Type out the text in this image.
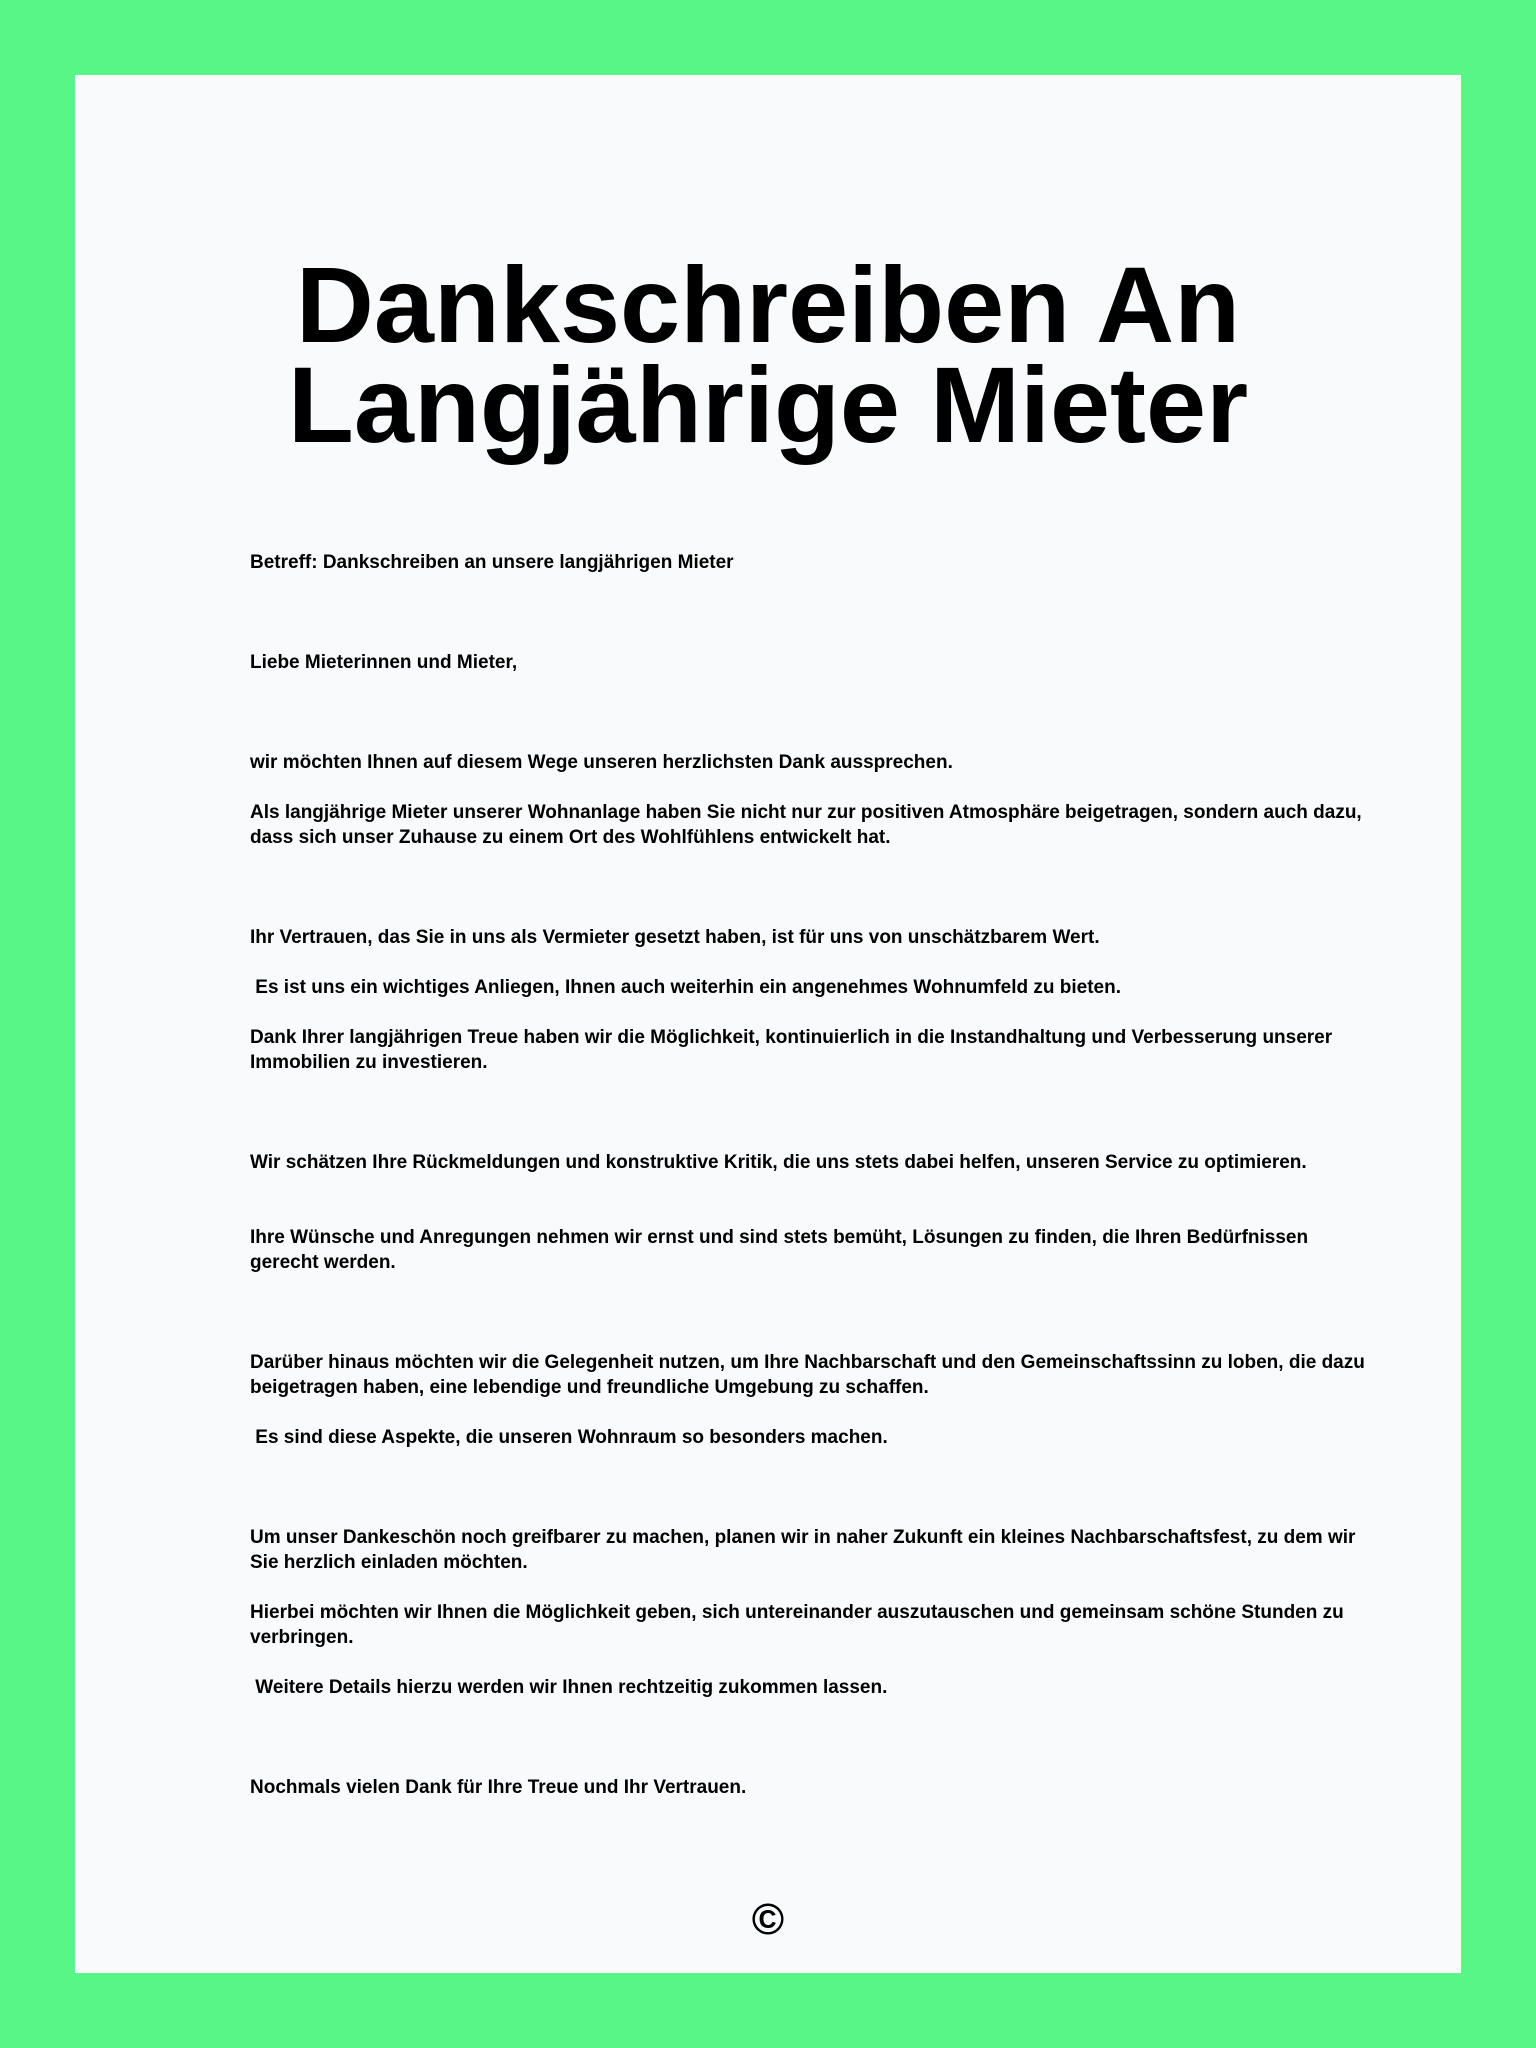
Dankschreiben An
Langjährige Mieter

Betreff: Dankschreiben an unsere langjährigen Mieter

Liebe Mieterinnen und Mieter,

wir möchten Ihnen auf diesem Wege unseren herzlichsten Dank aussprechen.

Als langjährige Mieter unserer Wohnanlage haben Sie nicht nur zur positiven Atmosphäre beigetragen, sondern auch dazu, dass sich unser Zuhause zu einem Ort des Wohlfühlens entwickelt hat.

Ihr Vertrauen, das Sie in uns als Vermieter gesetzt haben, ist für uns von unschätzbarem Wert.

Es ist uns ein wichtiges Anliegen, Ihnen auch weiterhin ein angenehmes Wohnumfeld zu bieten.

Dank Ihrer langjährigen Treue haben wir die Möglichkeit, kontinuierlich in die Instandhaltung und Verbesserung unserer Immobilien zu investieren.

Wir schätzen Ihre Rückmeldungen und konstruktive Kritik, die uns stets dabei helfen, unseren Service zu optimieren.

Ihre Wünsche und Anregungen nehmen wir ernst und sind stets bemüht, Lösungen zu finden, die Ihren Bedürfnissen gerecht werden.

Darüber hinaus möchten wir die Gelegenheit nutzen, um Ihre Nachbarschaft und den Gemeinschaftssinn zu loben, die dazu beigetragen haben, eine lebendige und freundliche Umgebung zu schaffen.

Es sind diese Aspekte, die unseren Wohnraum so besonders machen.

Um unser Dankeschön noch greifbarer zu machen, planen wir in naher Zukunft ein kleines Nachbarschaftsfest, zu dem wir Sie herzlich einladen möchten.

Hierbei möchten wir Ihnen die Möglichkeit geben, sich untereinander auszutauschen und gemeinsam schöne Stunden zu verbringen.

Weitere Details hierzu werden wir Ihnen rechtzeitig zukommen lassen.

Nochmals vielen Dank für Ihre Treue und Ihr Vertrauen.

©
